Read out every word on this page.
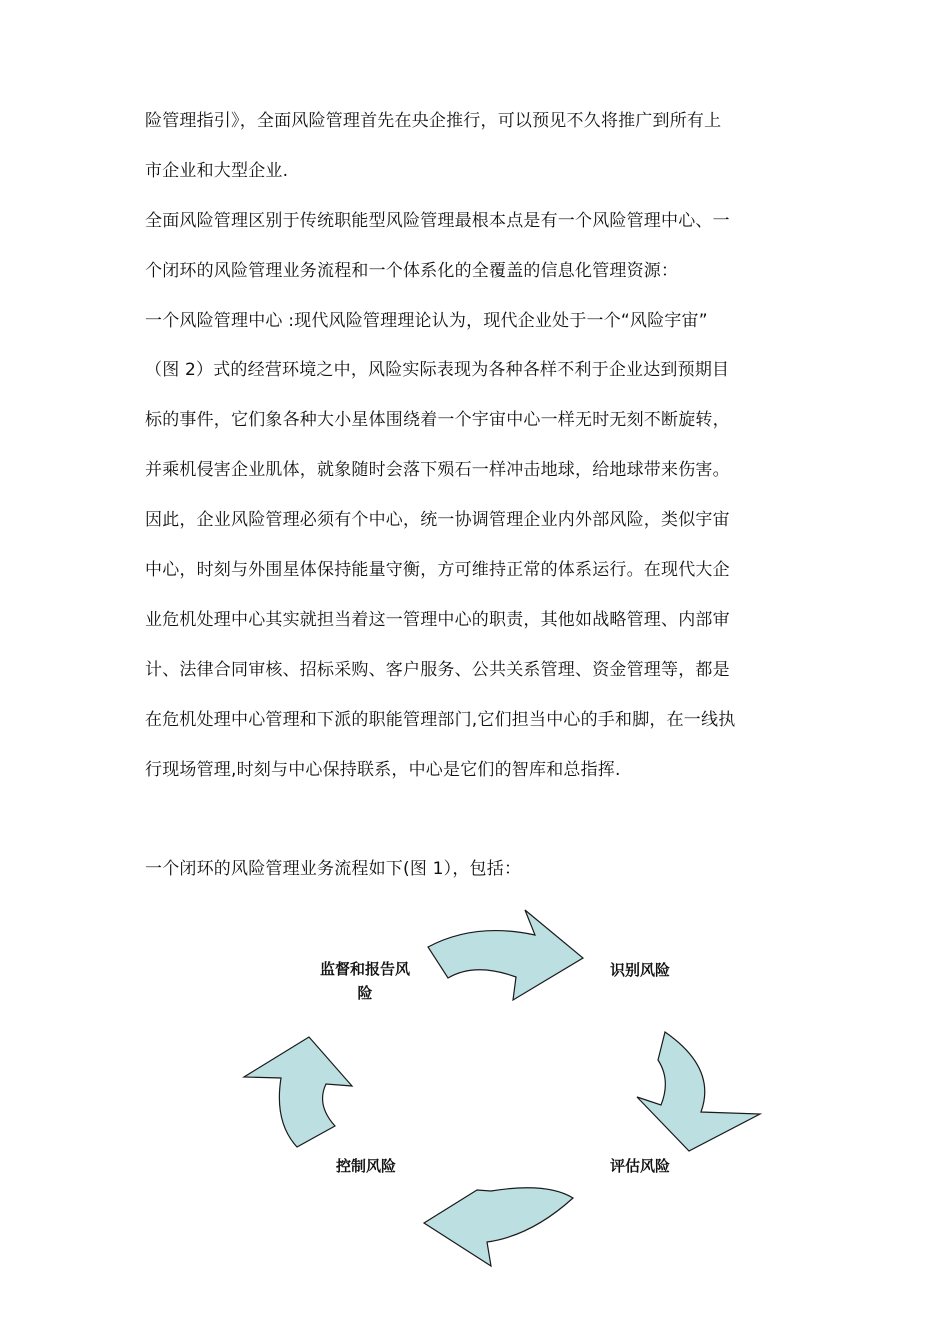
险管理指引》，全面风险管理首先在央企推行，可以预见不久将推广到所有上
市企业和大型企业.
全面风险管理区别于传统职能型风险管理最根本点是有一个风险管理中心、一
个闭环的风险管理业务流程和一个体系化的全覆盖的信息化管理资源：
一个风险管理中心 :现代风险管理理论认为，现代企业处于一个“风险宇宙”
（图 2）式的经营环境之中，风险实际表现为各种各样不利于企业达到预期目
标的事件，它们象各种大小星体围绕着一个宇宙中心一样无时无刻不断旋转，
并乘机侵害企业肌体，就象随时会落下殒石一样冲击地球，给地球带来伤害。
因此，企业风险管理必须有个中心，统一协调管理企业内外部风险，类似宇宙
中心，时刻与外围星体保持能量守衡，方可维持正常的体系运行。在现代大企
业危机处理中心其实就担当着这一管理中心的职责，其他如战略管理、内部审
计、法律合同审核、招标采购、客户服务、公共关系管理、资金管理等，都是
在危机处理中心管理和下派的职能管理部门,它们担当中心的手和脚，在一线执
行现场管理,时刻与中心保持联系，中心是它们的智库和总指挥.
一个闭环的风险管理业务流程如下(图 1），包括：
监督和报告风
险
识别风险
评估风险
控制风险
